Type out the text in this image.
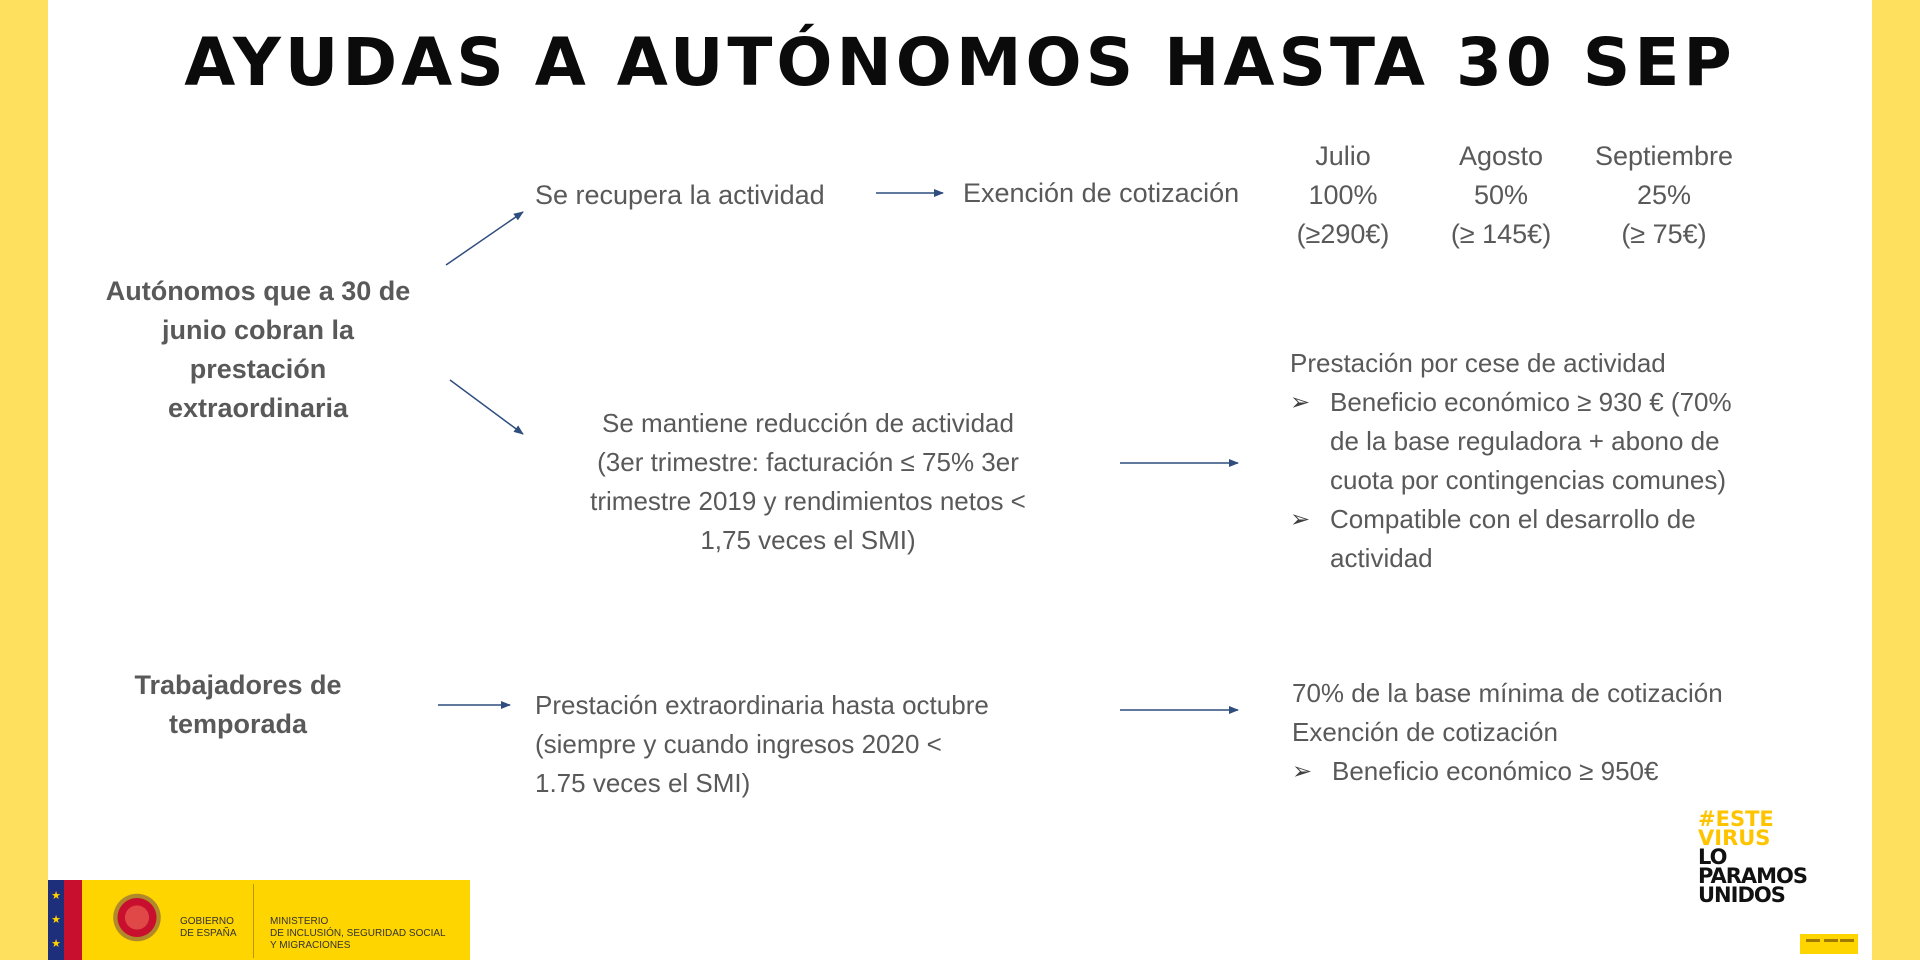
AYUDAS A AUTÓNOMOS HASTA 30 SEP
Autónomos que a 30 de
junio cobran la
prestación
extraordinaria
Trabajadores de
temporada
Se recupera la actividad	Exención de cotización
Julio
100%
(≥290€)
Agosto
50%
(≥ 145€)
Septiembre
25%
(≥ 75€)
Se mantiene reducción de actividad
(3er trimestre: facturación ≤ 75% 3er
trimestre 2019 y rendimientos netos <
1,75 veces el SMI)
Prestación por cese de actividad
➢ Beneficio económico ≥ 930 € (70%
de la base reguladora + abono de
cuota por contingencias comunes)
➢ Compatible con el desarrollo de
actividad
Prestación extraordinaria hasta octubre
(siempre y cuando ingresos 2020 <
1.75 veces el SMI)
70% de la base mínima de cotización
Exención de cotización
➢ Beneficio económico ≥ 950€
★
★
★
GOBIERNO
DE ESPAÑA
MINISTERIO
DE INCLUSIÓN, SEGURIDAD SOCIAL
Y MIGRACIONES
#ESTE
VIRUS
LO
PARAMOS
UNIDOS
